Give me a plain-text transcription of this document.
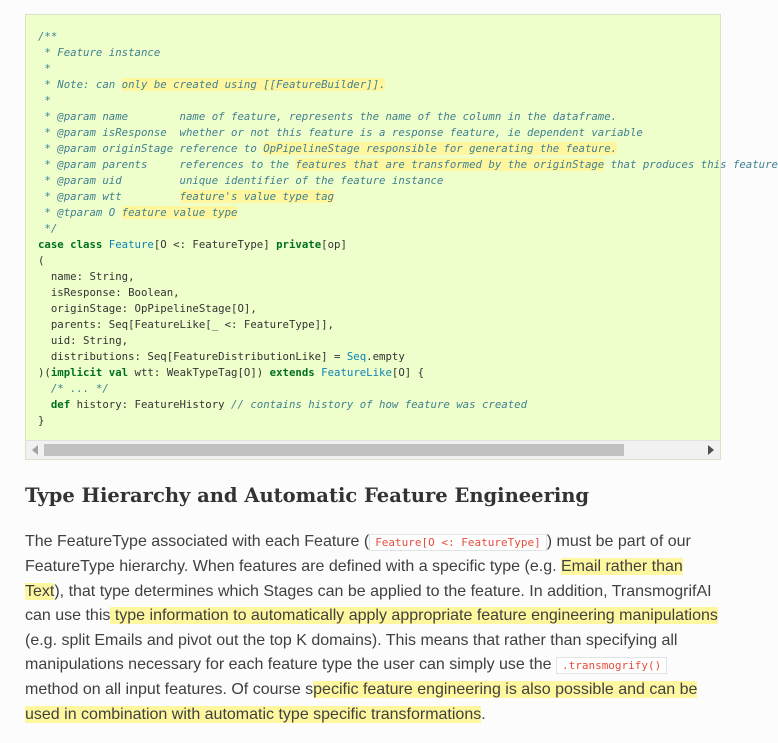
/**
* Feature instance
*
* Note: can only be created using [[FeatureBuilder]].
*
* @param name        name of feature, represents the name of the column in the dataframe.
* @param isResponse  whether or not this feature is a response feature, ie dependent variable
* @param originStage reference to OpPipelineStage responsible for generating the feature.
* @param parents     references to the features that are transformed by the originStage that produces this feature
* @param uid         unique identifier of the feature instance
* @param wtt         feature's value type tag
* @tparam O feature value type
*/
case class Feature[O <: FeatureType] private[op]
(
name: String,
isResponse: Boolean,
originStage: OpPipelineStage[O],
parents: Seq[FeatureLike[_ <: FeatureType]],
uid: String,
distributions: Seq[FeatureDistributionLike] = Seq.empty
)(implicit val wtt: WeakTypeTag[O]) extends FeatureLike[O] {
/* ... */
def history: FeatureHistory // contains history of how feature was created
}
Type Hierarchy and Automatic Feature Engineering

The FeatureType associated with each Feature ( Feature[O <: FeatureType] ) must be part of our FeatureType hierarchy. When features are defined with a specific type (e.g. Email rather than Text), that type determines which Stages can be applied to the feature. In addition, TransmogrifAI can use this type information to automatically apply appropriate feature engineering manipulations (e.g. split Emails and pivot out the top K domains). This means that rather than specifying all manipulations necessary for each feature type the user can simply use the .transmogrify() method on all input features. Of course specific feature engineering is also possible and can be used in combination with automatic type specific transformations.
